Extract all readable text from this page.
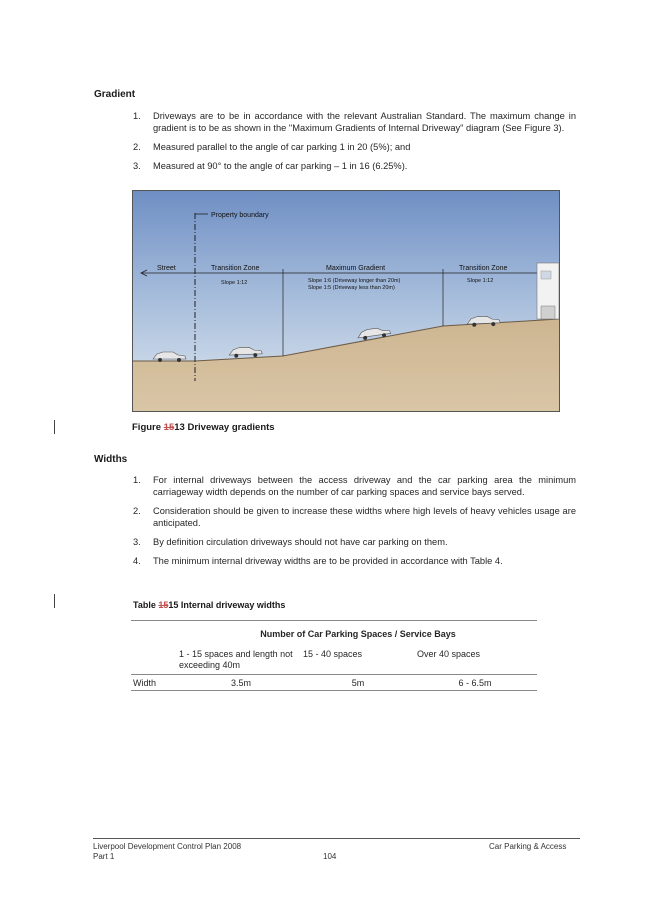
Gradient
1. Driveways are to be in accordance with the relevant Australian Standard. The maximum change in gradient is to be as shown in the "Maximum Gradients of Internal Driveway" diagram (See Figure 3).
2. Measured parallel to the angle of car parking 1 in 20 (5%); and
3. Measured at 90° to the angle of car parking – 1 in 16 (6.25%).
Property boundary
Street	Transition Zone
Slope 1:12
Maximum Gradient
Slope 1:6 (Driveway longer than 20m)
Slope 1:5 (Driveway less than 20m)
Transition Zone
Slope 1:12
Figure 1513 Driveway gradients
Widths
1. For internal driveways between the access driveway and the car parking area the minimum carriageway width depends on the number of car parking spaces and service bays served.
2. Consideration should be given to increase these widths where high levels of heavy vehicles usage are anticipated.
3. By definition circulation driveways should not have car parking on them.
4. The minimum internal driveway widths are to be provided in accordance with Table 4.
Table 1515 Internal driveway widths
	Number of Car Parking Spaces / Service Bays		
	1 - 15 spaces and length not exceeding 40m	15 - 40 spaces	Over 40 spaces
Width	3.5m	5m	6 - 6.5m
Liverpool Development Control Plan 2008
Part 1	104
Car Parking & Access
